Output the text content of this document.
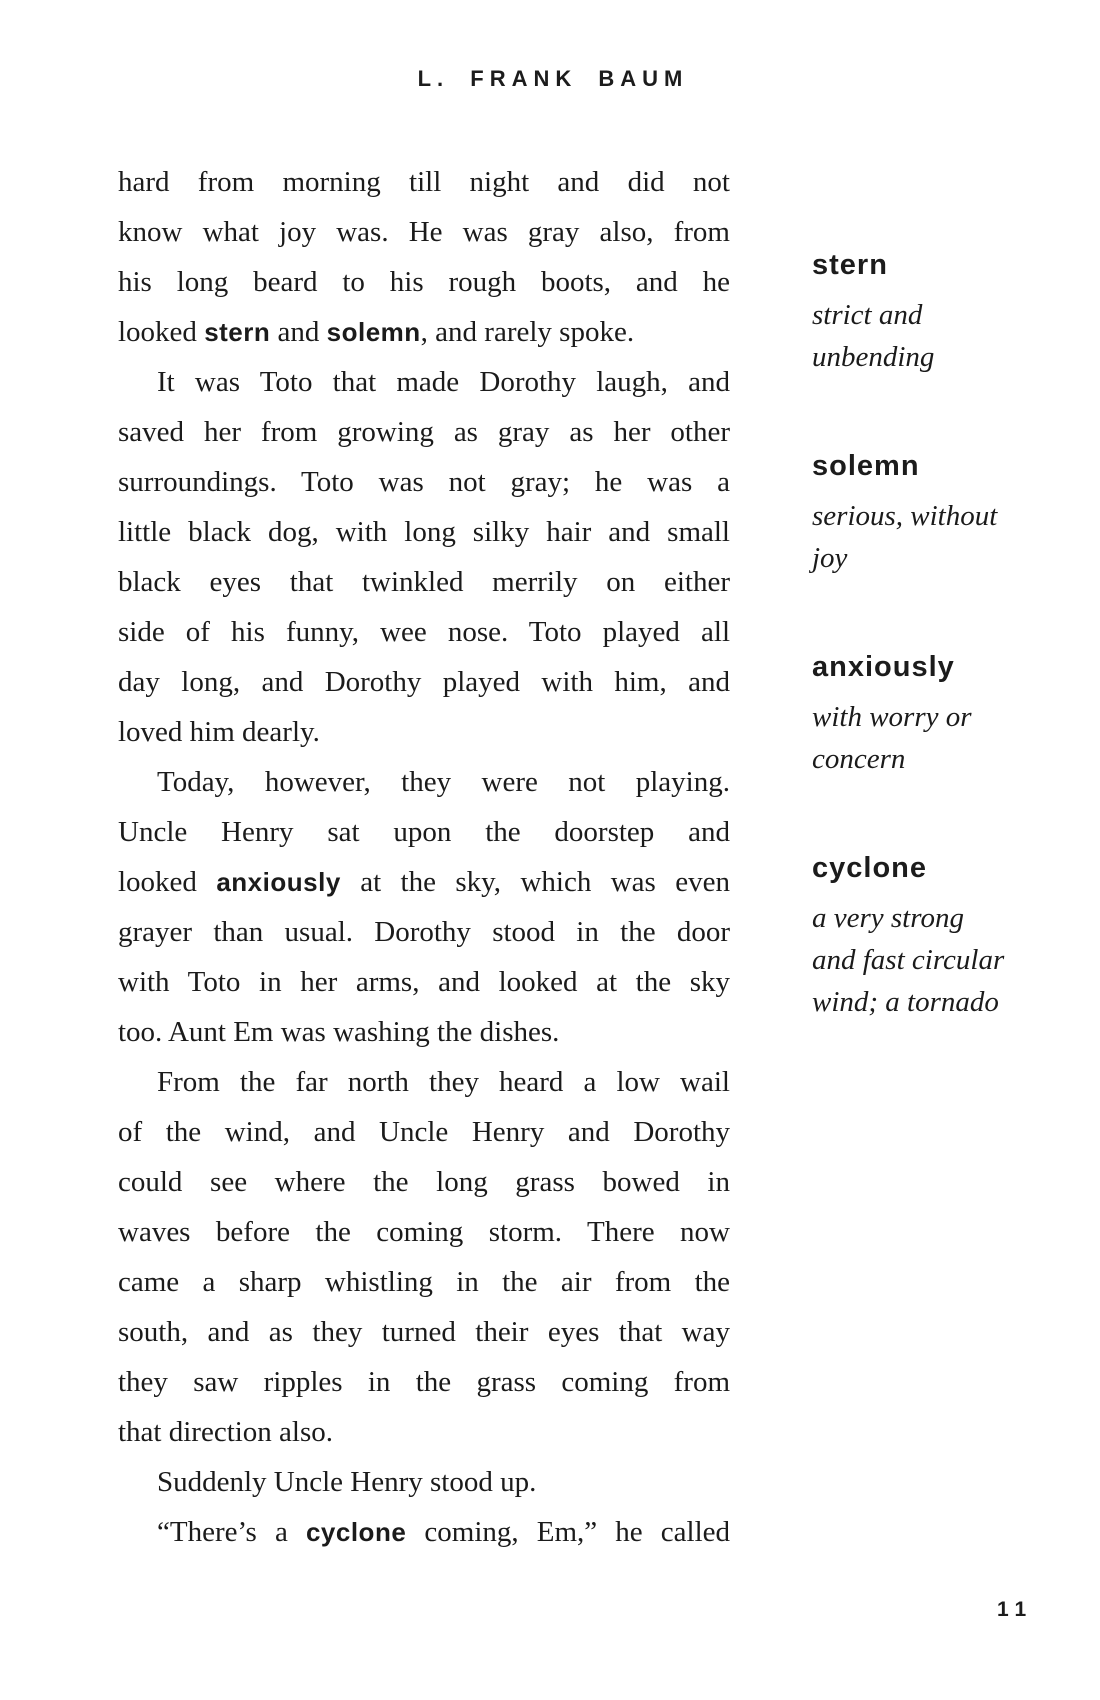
L. FRANK BAUM
hard from morning till night and did not
know what joy was. He was gray also, from
his long beard to his rough boots, and he
looked stern and solemn, and rarely spoke.
It was Toto that made Dorothy laugh, and
saved her from growing as gray as her other
surroundings. Toto was not gray; he was a
little black dog, with long silky hair and small
black eyes that twinkled merrily on either
side of his funny, wee nose. Toto played all
day long, and Dorothy played with him, and
loved him dearly.
Today, however, they were not playing.
Uncle Henry sat upon the doorstep and
looked anxiously at the sky, which was even
grayer than usual. Dorothy stood in the door
with Toto in her arms, and looked at the sky
too. Aunt Em was washing the dishes.
From the far north they heard a low wail
of the wind, and Uncle Henry and Dorothy
could see where the long grass bowed in
waves before the coming storm. There now
came a sharp whistling in the air from the
south, and as they turned their eyes that way
they saw ripples in the grass coming from
that direction also.
Suddenly Uncle Henry stood up.
“There’s a cyclone coming, Em,” he called
stern
strict and
unbending
solemn
serious, without
joy
anxiously
with worry or
concern
cyclone
a very strong
and fast circular
wind; a tornado
11
